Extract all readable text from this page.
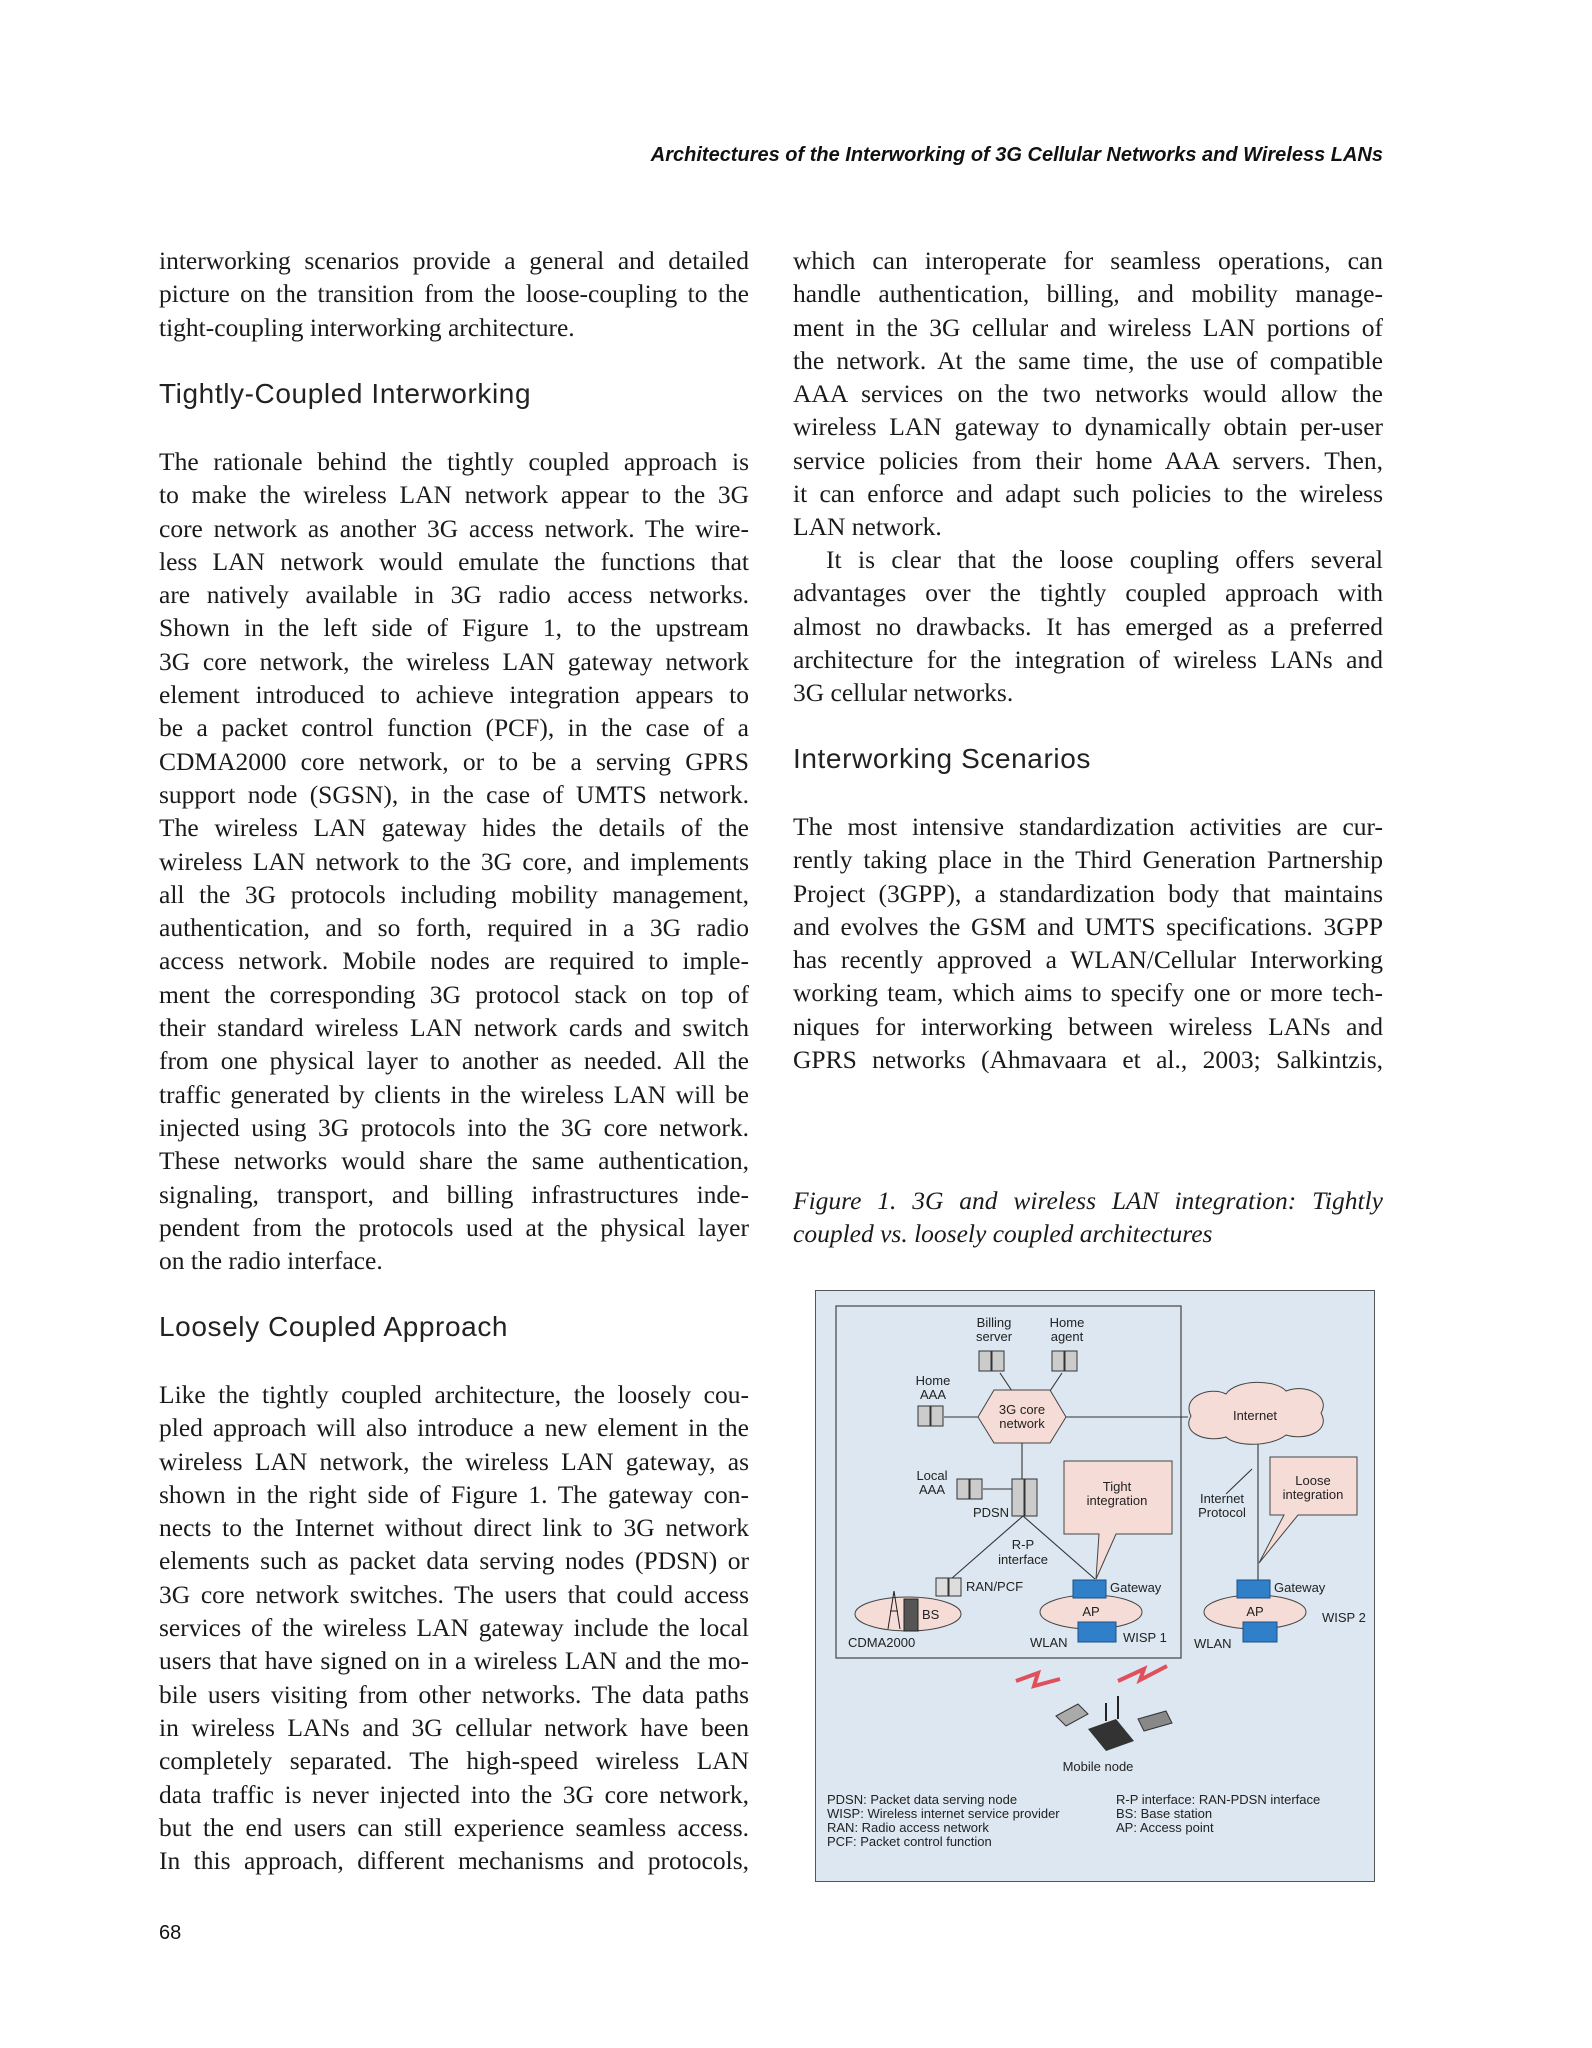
Architectures of the Interworking of 3G Cellular Networks and Wireless LANs
interworking scenarios provide a general and detailed
picture on the transition from the loose-coupling to the
tight-coupling interworking architecture.
Tightly-Coupled Interworking
The rationale behind the tightly coupled approach is
to make the wireless LAN network appear to the 3G
core network as another 3G access network. The wire-
less LAN network would emulate the functions that
are natively available in 3G radio access networks.
Shown in the left side of Figure 1, to the upstream
3G core network, the wireless LAN gateway network
element introduced to achieve integration appears to
be a packet control function (PCF), in the case of a
CDMA2000 core network, or to be a serving GPRS
support node (SGSN), in the case of UMTS network.
The wireless LAN gateway hides the details of the
wireless LAN network to the 3G core, and implements
all the 3G protocols including mobility management,
authentication, and so forth, required in a 3G radio
access network. Mobile nodes are required to imple-
ment the corresponding 3G protocol stack on top of
their standard wireless LAN network cards and switch
from one physical layer to another as needed. All the
traffic generated by clients in the wireless LAN will be
injected using 3G protocols into the 3G core network.
These networks would share the same authentication,
signaling, transport, and billing infrastructures inde-
pendent from the protocols used at the physical layer
on the radio interface.
Loosely Coupled Approach
Like the tightly coupled architecture, the loosely cou-
pled approach will also introduce a new element in the
wireless LAN network, the wireless LAN gateway, as
shown in the right side of Figure 1. The gateway con-
nects to the Internet without direct link to 3G network
elements such as packet data serving nodes (PDSN) or
3G core network switches. The users that could access
services of the wireless LAN gateway include the local
users that have signed on in a wireless LAN and the mo-
bile users visiting from other networks. The data paths
in wireless LANs and 3G cellular network have been
completely separated. The high-speed wireless LAN
data traffic is never injected into the 3G core network,
but the end users can still experience seamless access.
In this approach, different mechanisms and protocols,
which can interoperate for seamless operations, can
handle authentication, billing, and mobility manage-
ment in the 3G cellular and wireless LAN portions of
the network. At the same time, the use of compatible
AAA services on the two networks would allow the
wireless LAN gateway to dynamically obtain per-user
service policies from their home AAA servers. Then,
it can enforce and adapt such policies to the wireless
LAN network.
It is clear that the loose coupling offers several
advantages over the tightly coupled approach with
almost no drawbacks. It has emerged as a preferred
architecture for the integration of wireless LANs and
3G cellular networks.
Interworking Scenarios
The most intensive standardization activities are cur-
rently taking place in the Third Generation Partnership
Project (3GPP), a standardization body that maintains
and evolves the GSM and UMTS specifications. 3GPP
has recently approved a WLAN/Cellular Interworking
working team, which aims to specify one or more tech-
niques for interworking between wireless LANs and
GPRS networks (Ahmavaara et al., 2003; Salkintzis,
Figure 1. 3G and wireless LAN integration: Tightly
coupled vs. loosely coupled architectures
Billing
server
Home
agent
Home
AAA
3G core
network
Internet
Local
AAA
PDSN
R-P
interface
RAN/PCF
BS
CDMA2000
Tight
integration
Loose
integration
Internet
Protocol
Gateway	Gateway
AP	AP
WLAN	WLAN
WISP 1
WISP 2
Mobile node
PDSN: Packet data serving node
WISP: Wireless internet service provider
RAN: Radio access network
PCF: Packet control function
R-P interface: RAN-PDSN interface
BS: Base station
AP: Access point
68
